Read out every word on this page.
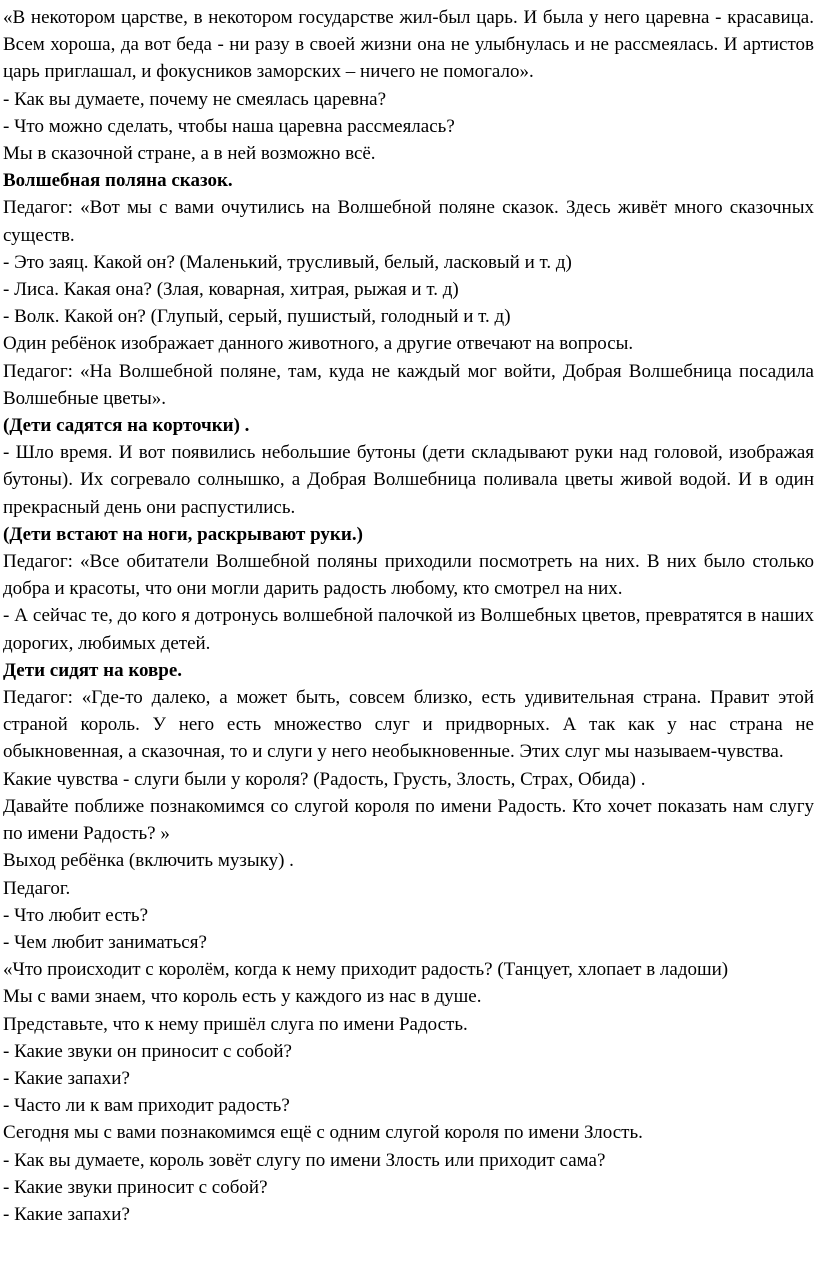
«В некотором царстве, в некотором государстве жил-был царь. И была у него царевна - красавица. Всем хороша, да вот беда - ни разу в своей жизни она не улыбнулась и не рассмеялась. И артистов царь приглашал, и фокусников заморских – ничего не помогало».

- Как вы думаете, почему не смеялась царевна?

- Что можно сделать, чтобы наша царевна рассмеялась?

Мы в сказочной стране, а в ней возможно всё.

Волшебная поляна сказок.

Педагог: «Вот мы с вами очутились на Волшебной поляне сказок. Здесь живёт много сказочных существ.

- Это заяц. Какой он? (Маленький, трусливый, белый, ласковый и т. д)

- Лиса. Какая она? (Злая, коварная, хитрая, рыжая и т. д)

- Волк. Какой он? (Глупый, серый, пушистый, голодный и т. д)

Один ребёнок изображает данного животного, а другие отвечают на вопросы.

Педагог: «На Волшебной поляне, там, куда не каждый мог войти, Добрая Волшебница посадила Волшебные цветы».

(Дети садятся на корточки) .

- Шло время. И вот появились небольшие бутоны (дети складывают руки над головой, изображая бутоны). Их согревало солнышко, а Добрая Волшебница поливала цветы живой водой. И в один прекрасный день они распустились.

(Дети встают на ноги, раскрывают руки.)

Педагог: «Все обитатели Волшебной поляны приходили посмотреть на них. В них было столько добра и красоты, что они могли дарить радость любому, кто смотрел на них.

- А сейчас те, до кого я дотронусь волшебной палочкой из Волшебных цветов, превратятся в наших дорогих, любимых детей.

Дети сидят на ковре.

Педагог: «Где-то далеко, а может быть, совсем близко, есть удивительная страна. Правит этой страной король. У него есть множество слуг и придворных. А так как у нас страна не обыкновенная, а сказочная, то и слуги у него необыкновенные. Этих слуг мы называем-чувства.

Какие чувства - слуги были у короля? (Радость, Грусть, Злость, Страх, Обида) .

Давайте поближе познакомимся со слугой короля по имени Радость. Кто хочет показать нам слугу по имени Радость? »

Выход ребёнка (включить музыку) .

Педагог.

- Что любит есть?

- Чем любит заниматься?

«Что происходит с королём, когда к нему приходит радость? (Танцует, хлопает в ладоши)

Мы с вами знаем, что король есть у каждого из нас в душе.

Представьте, что к нему пришёл слуга по имени Радость.

- Какие звуки он приносит с собой?

- Какие запахи?

- Часто ли к вам приходит радость?

Сегодня мы с вами познакомимся ещё с одним слугой короля по имени Злость.

- Как вы думаете, король зовёт слугу по имени Злость или приходит сама?

- Какие звуки приносит с собой?

- Какие запахи?
